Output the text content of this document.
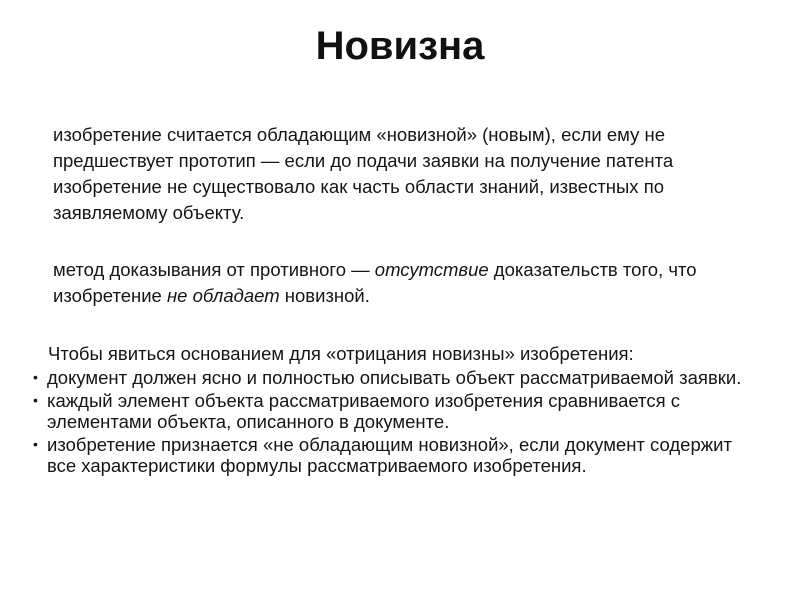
Новизна
изобретение считается обладающим «новизной» (новым), если ему не предшествует прототип — если до подачи заявки на получение патента изобретение не существовало как часть области знаний, известных по заявляемому объекту.
метод доказывания от противного — отсутствие доказательств того, что изобретение не обладает новизной.
Чтобы явиться основанием для «отрицания новизны» изобретения:
• документ должен ясно и полностью описывать объект рассматриваемой заявки.
• каждый элемент объекта рассматриваемого изобретения сравнивается с элементами объекта, описанного в документе.
• изобретение признается «не обладающим новизной», если документ содержит все характеристики формулы рассматриваемого изобретения.
